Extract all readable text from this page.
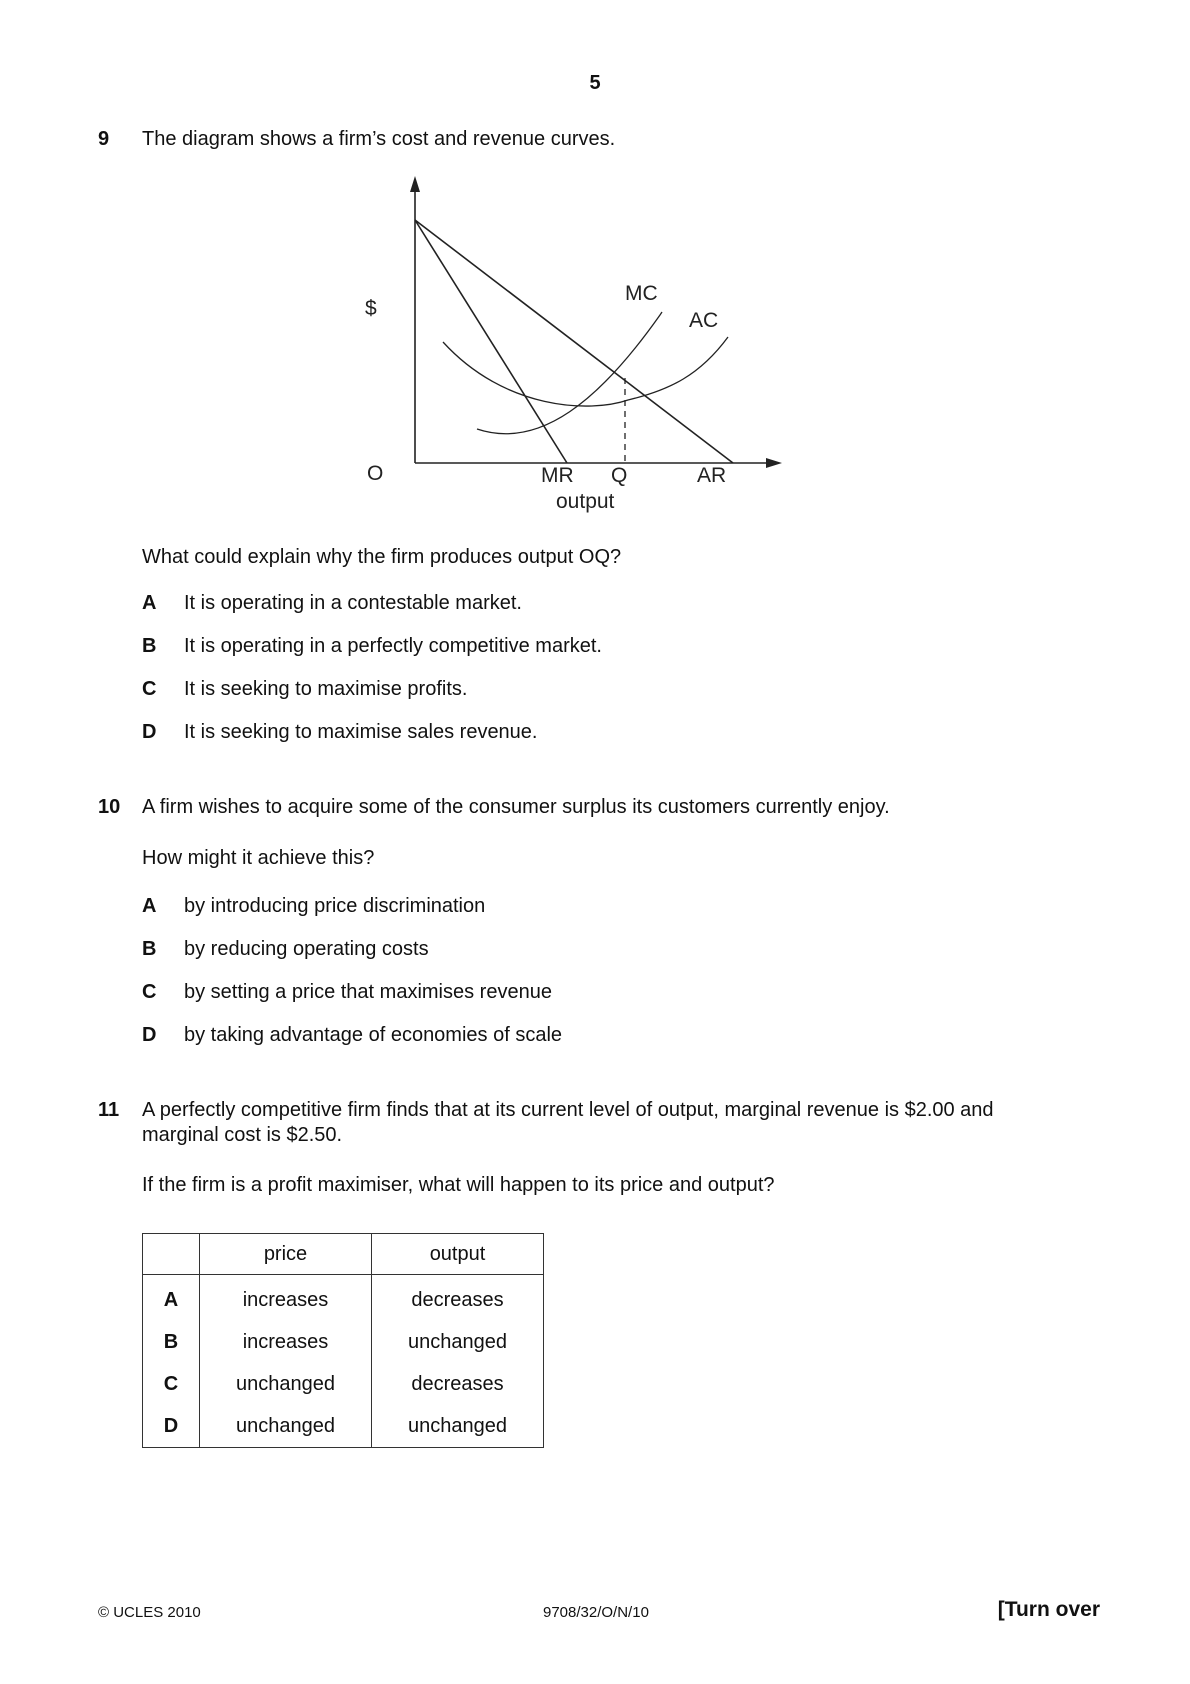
5
9 The diagram shows a firm’s cost and revenue curves.
$
O
MC
AC
MR Q	AR
output
What could explain why the firm produces output OQ?
A It is operating in a contestable market.
B It is operating in a perfectly competitive market.
C It is seeking to maximise profits.
D It is seeking to maximise sales revenue.
10 A firm wishes to acquire some of the consumer surplus its customers currently enjoy.
How might it achieve this?
A by introducing price discrimination
B by reducing operating costs
C by setting a price that maximises revenue
D by taking advantage of economies of scale
11 A perfectly competitive firm finds that at its current level of output, marginal revenue is $2.00 and
marginal cost is $2.50.
If the firm is a profit maximiser, what will happen to its price and output?
	price	output
A	increases	decreases
B	increases	unchanged
C	unchanged	decreases
D	unchanged	unchanged
© UCLES 2010	9708/32/O/N/10	[Turn over
